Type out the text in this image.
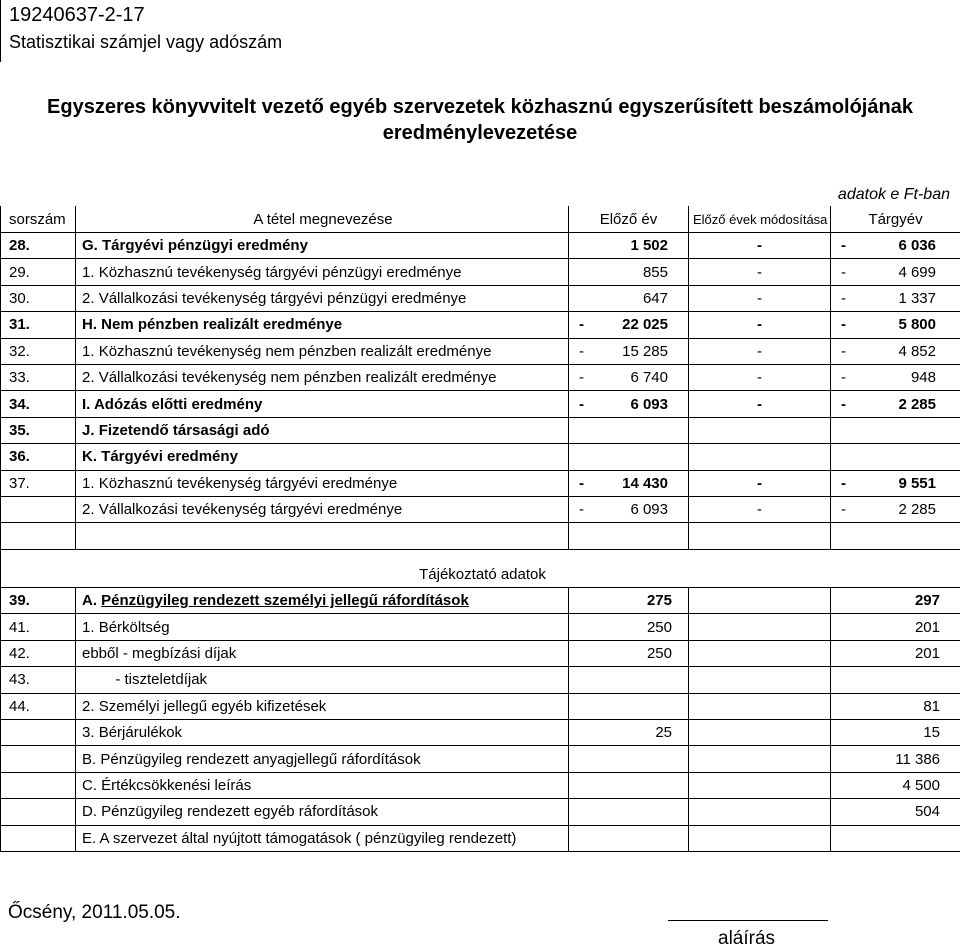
19240637-2-17
Statisztikai számjel vagy adószám
Egyszeres könyvvitelt vezető egyéb szervezetek közhasznú egyszerűsített beszámolójának
eredménylevezetése
adatok e Ft-ban
sorszám	A tétel megnevezése	Előző év	Előző évek módosítása	Tárgyév
28.	G. Tárgyévi pénzügyi eredmény	1 502	-	- 6 036

29.	1. Közhasznú tevékenység tárgyévi pénzügyi eredménye	855	-	- 4 699

30.	2. Vállalkozási tevékenység tárgyévi pénzügyi eredménye	647	-	- 1 337

31.	H. Nem pénzben realizált eredménye	- 22 025	-	- 5 800

32.	1. Közhasznú tevékenység nem pénzben realizált eredménye	- 15 285	-	- 4 852

33.	2. Vállalkozási tevékenység nem pénzben realizált eredménye	- 6 740	-	- 948

34.	I. Adózás előtti eredmény	- 6 093	-	- 2 285

35.	J. Fizetendő társasági adó	

36.	K. Tárgyévi eredmény	

37.	1. Közhasznú tevékenység tárgyévi eredménye	- 14 430	-	- 9 551

	2. Vállalkozási tevékenység tárgyévi eredménye	- 6 093	-	- 2 285

Tájékoztató adatok				
39.	A. Pénzügyileg rendezett személyi jellegű ráfordítások	275		297
41.	1. Bérköltség	250		201
42.	ebből - megbízási díjak	250		201
43.	- tiszteletdíjak			
44.	2. Személyi jellegű egyéb kifizetések			81
	3. Bérjárulékok	25		15
	B. Pénzügyileg rendezett anyagjellegű ráfordítások			11 386
	C. Értékcsökkenési leírás			4 500
	D. Pénzügyileg rendezett egyéb ráfordítások			504
	E. A szervezet által nyújtott támogatások ( pénzügyileg rendezett)			
Őcsény, 2011.05.05.
aláírás
